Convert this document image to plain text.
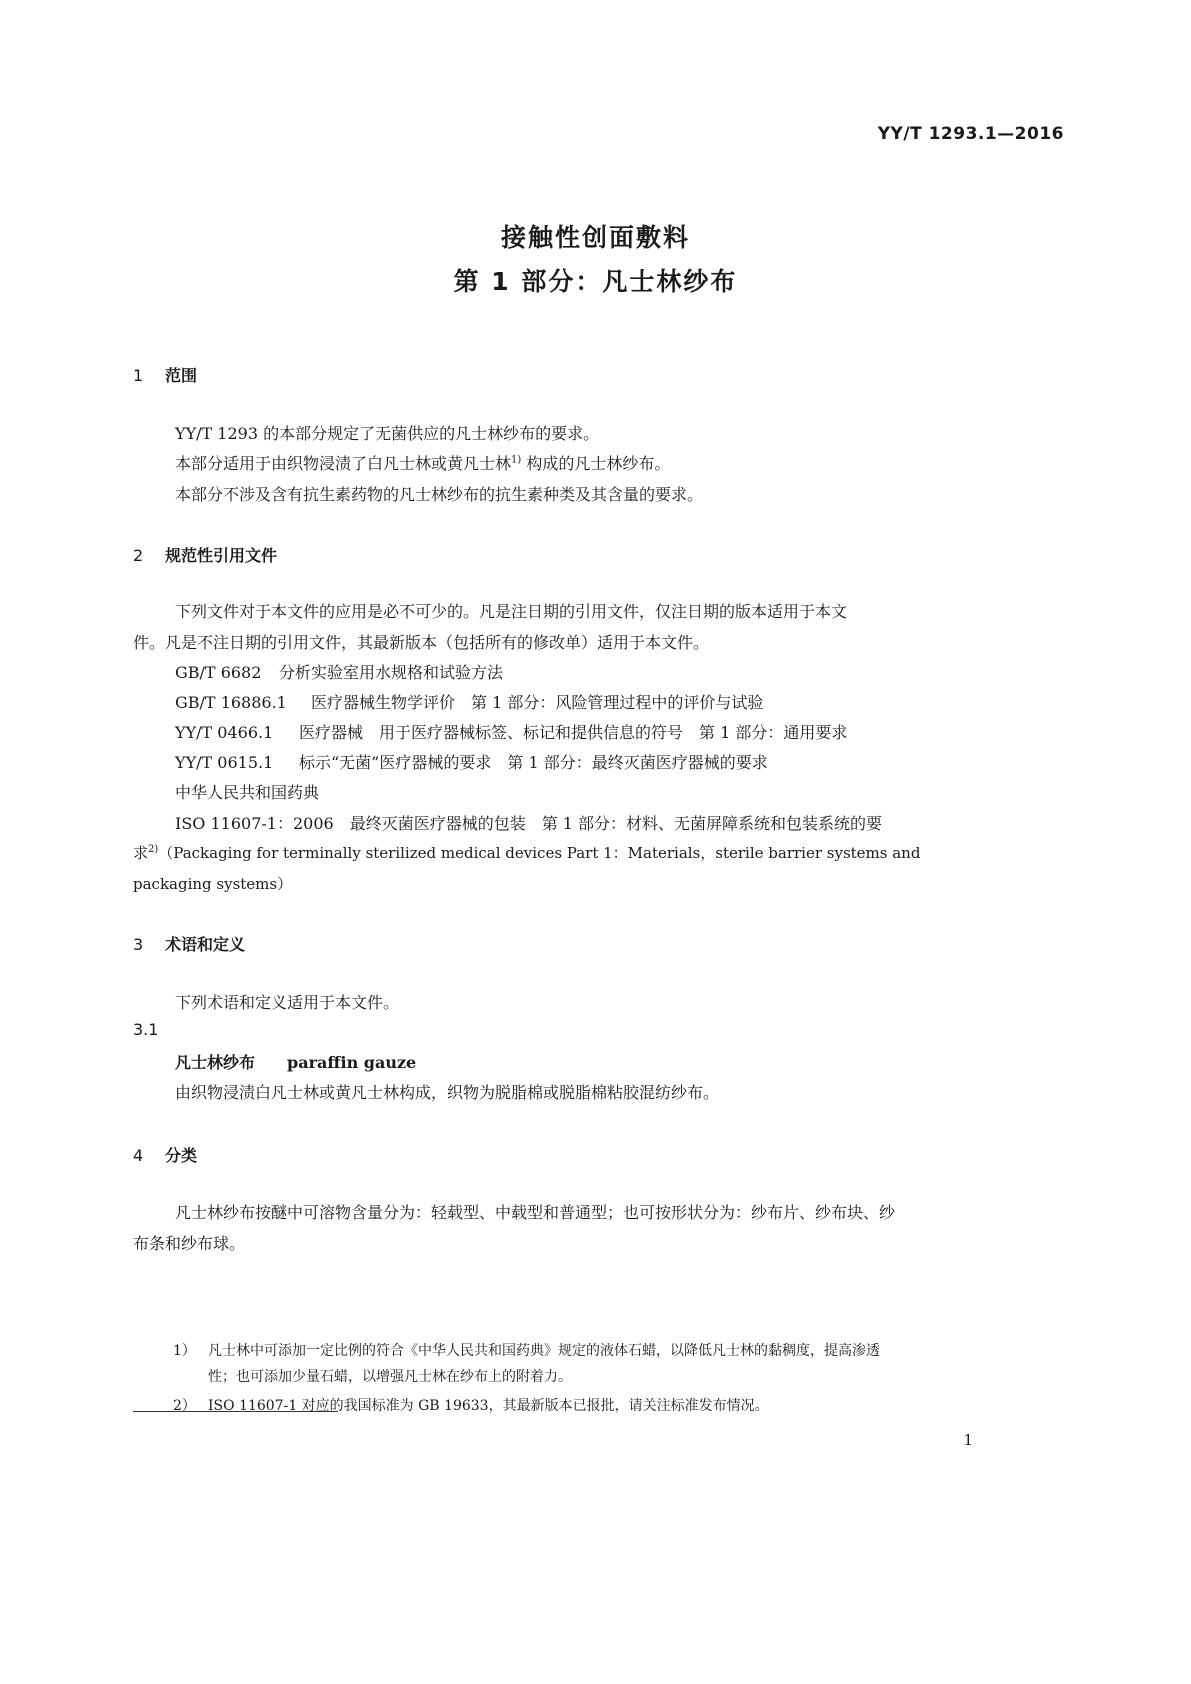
YY/T 1293.1—2016
接触性创面敷料
第 1 部分：凡士林纱布
1 范围
YY/T 1293 的本部分规定了无菌供应的凡士林纱布的要求。
本部分适用于由织物浸渍了白凡士林或黄凡士林$^{1)}$ 构成的凡士林纱布。
本部分不涉及含有抗生素药物的凡士林纱布的抗生素种类及其含量的要求。
2 规范性引用文件
下列文件对于本文件的应用是必不可少的。凡是注日期的引用文件，仅注日期的版本适用于本文
件。凡是不注日期的引用文件，其最新版本（包括所有的修改单）适用于本文件。
GB/T 6682 分析实验室用水规格和试验方法
GB/T 16886.1 医疗器械生物学评价　第 1 部分：风险管理过程中的评价与试验
YY/T 0466.1 医疗器械　用于医疗器械标签、标记和提供信息的符号　第 1 部分：通用要求
YY/T 0615.1 标示“无菌”医疗器械的要求　第 1 部分：最终灭菌医疗器械的要求
中华人民共和国药典
ISO 11607-1：2006　最终灭菌医疗器械的包装　第 1 部分：材料、无菌屏障系统和包装系统的要
求$^{2)}$（Packaging for terminally sterilized medical devices Part 1：Materials，sterile barrier systems and
packaging systems）
3 术语和定义
下列术语和定义适用于本文件。
3.1
凡士林纱布 paraffin gauze
由织物浸渍白凡士林或黄凡士林构成，织物为脱脂棉或脱脂棉粘胶混纺纱布。
4 分类
凡士林纱布按醚中可溶物含量分为：轻载型、中载型和普通型；也可按形状分为：纱布片、纱布块、纱
布条和纱布球。
1） 凡士林中可添加一定比例的符合《中华人民共和国药典》规定的液体石蜡，以降低凡士林的黏稠度，提高渗透
性；也可添加少量石蜡，以增强凡士林在纱布上的附着力。
2） ISO 11607-1 对应的我国标准为 GB 19633，其最新版本已报批，请关注标准发布情况。
1
